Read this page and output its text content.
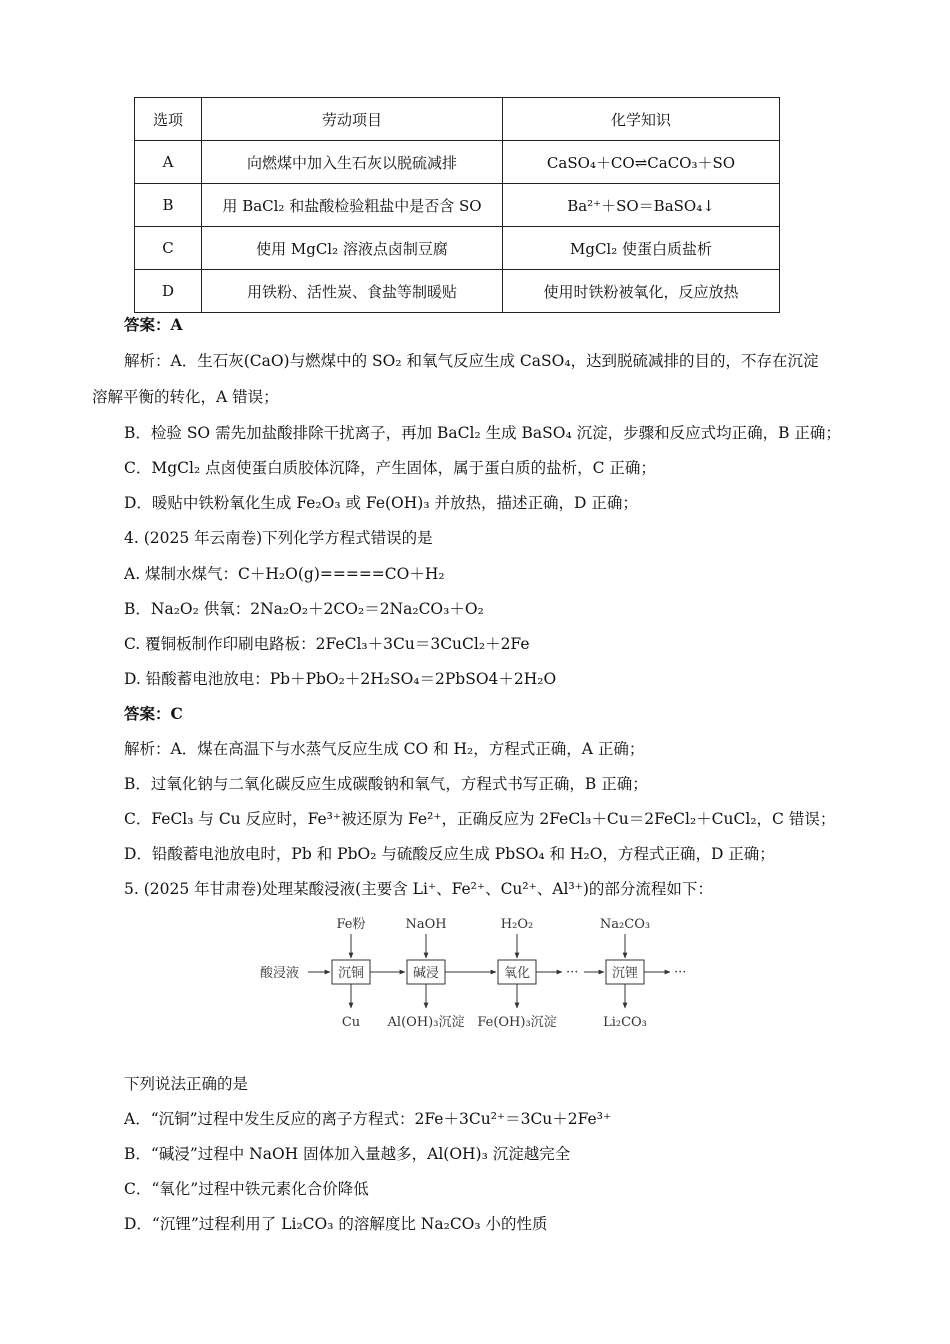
选项	劳动项目	化学知识
A	向燃煤中加入生石灰以脱硫减排	CaSO₄＋CO⇌CaCO₃＋SO
B	用 BaCl₂ 和盐酸检验粗盐中是否含 SO	Ba²⁺＋SO＝BaSO₄↓
C	使用 MgCl₂ 溶液点卤制豆腐	MgCl₂ 使蛋白质盐析
D	用铁粉、活性炭、食盐等制暖贴	使用时铁粉被氧化，反应放热
答案：A
解析：A．生石灰(CaO)与燃煤中的 SO₂ 和氧气反应生成 CaSO₄，达到脱硫减排的目的，不存在沉淀
溶解平衡的转化，A 错误；
B．检验 SO 需先加盐酸排除干扰离子，再加 BaCl₂ 生成 BaSO₄ 沉淀，步骤和反应式均正确，B 正确；
C．MgCl₂ 点卤使蛋白质胶体沉降，产生固体，属于蛋白质的盐析，C 正确；
D．暖贴中铁粉氧化生成 Fe₂O₃ 或 Fe(OH)₃ 并放热，描述正确，D 正确；
4. (2025 年云南卷)下列化学方程式错误的是
A. 煤制水煤气：C＋H₂O(g)=====CO＋H₂
B．Na₂O₂ 供氧：2Na₂O₂＋2CO₂＝2Na₂CO₃＋O₂
C. 覆铜板制作印刷电路板：2FeCl₃＋3Cu＝3CuCl₂＋2Fe
D. 铅酸蓄电池放电：Pb＋PbO₂＋2H₂SO₄＝2PbSO4＋2H₂O
答案：C
解析：A．煤在高温下与水蒸气反应生成 CO 和 H₂，方程式正确，A 正确；
B．过氧化钠与二氧化碳反应生成碳酸钠和氧气，方程式书写正确，B 正确；
C．FeCl₃ 与 Cu 反应时，Fe³⁺被还原为 Fe²⁺，正确反应为 2FeCl₃＋Cu＝2FeCl₂＋CuCl₂，C 错误；
D．铅酸蓄电池放电时，Pb 和 PbO₂ 与硫酸反应生成 PbSO₄ 和 H₂O，方程式正确，D 正确；
5. (2025 年甘肃卷)处理某酸浸液(主要含 Li⁺、Fe²⁺、Cu²⁺、Al³⁺)的部分流程如下：
酸浸液	沉铜
Fe粉
Cu
碱浸
NaOH
Al(OH)₃沉淀
氧化
H₂O₂
Fe(OH)₃沉淀
···	沉锂
Na₂CO₃
Li₂CO₃
···
下列说法正确的是
A．“沉铜”过程中发生反应的离子方程式：2Fe＋3Cu²⁺＝3Cu＋2Fe³⁺
B．“碱浸”过程中 NaOH 固体加入量越多，Al(OH)₃ 沉淀越完全
C．“氧化”过程中铁元素化合价降低
D．“沉锂”过程利用了 Li₂CO₃ 的溶解度比 Na₂CO₃ 小的性质
